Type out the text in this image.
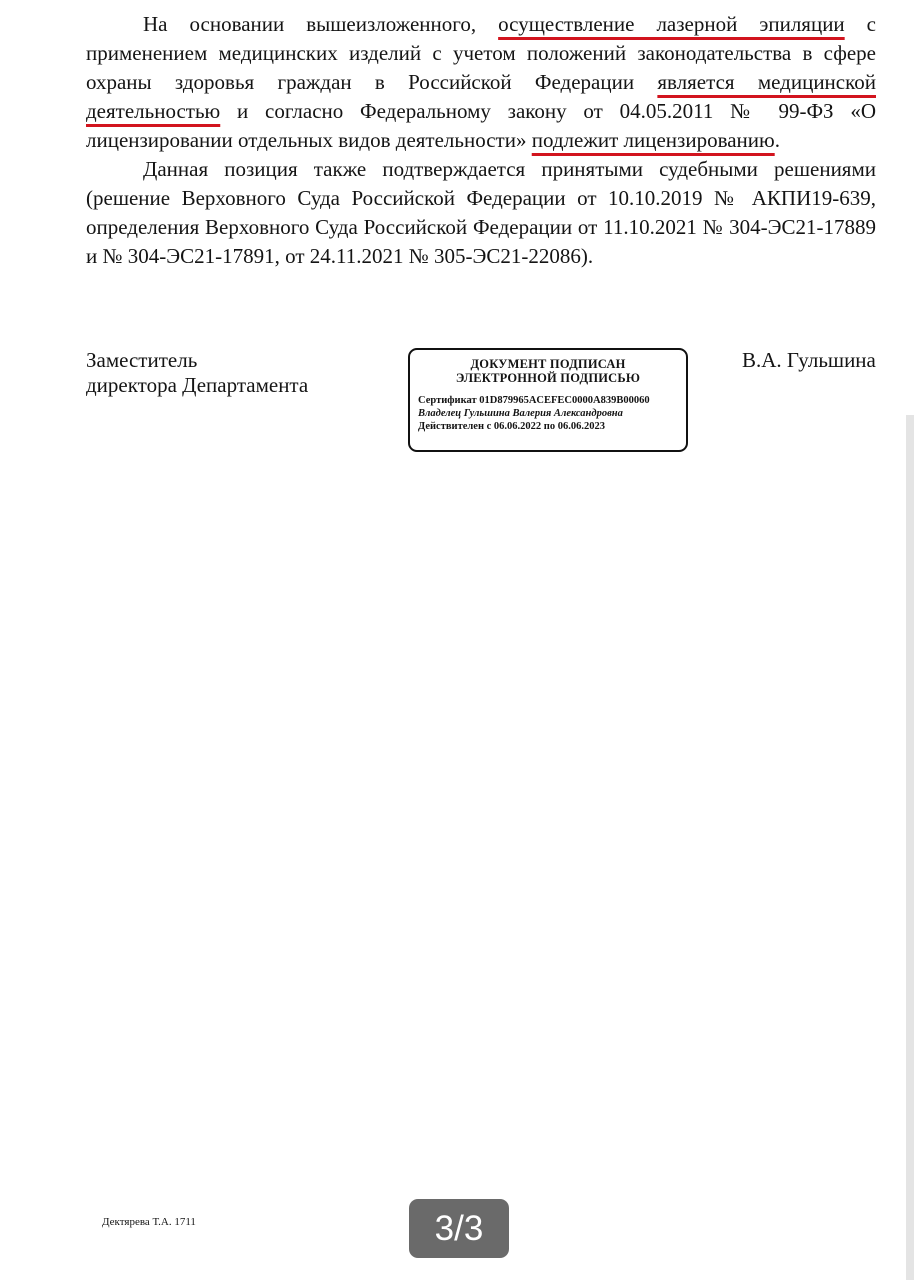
На основании вышеизложенного, осуществление лазерной эпиляции с применением медицинских изделий с учетом положений законодательства в сфере охраны здоровья граждан в Российской Федерации является медицинской деятельностью и согласно Федеральному закону от 04.05.2011 № 99-ФЗ «О лицензировании отдельных видов деятельности» подлежит лицензированию.

Данная позиция также подтверждается принятыми судебными решениями (решение Верховного Суда Российской Федерации от 10.10.2019 № АКПИ19-639, определения Верховного Суда Российской Федерации от 11.10.2021 № 304-ЭС21-17889 и № 304-ЭС21-17891, от 24.11.2021 № 305-ЭС21-22086).

Заместитель
директора Департамента
ДОКУМЕНТ ПОДПИСАН
ЭЛЕКТРОННОЙ ПОДПИСЬЮ
Сертификат 01D879965ACEFEC0000A839B00060
Владелец Гульшина Валерия Александровна
Действителен с 06.06.2022 по 06.06.2023
В.А. Гульшина
Дектярева Т.А. 1711	3/3
